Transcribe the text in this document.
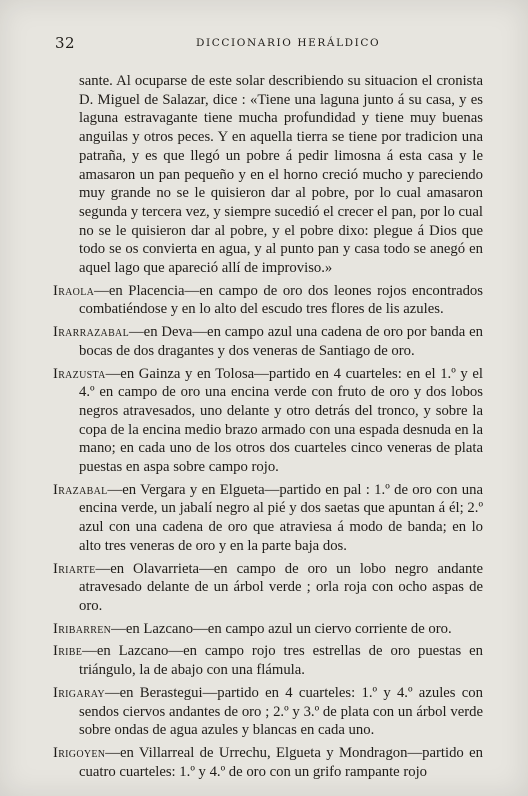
32	DICCIONARIO HERÁLDICO

sante. Al ocuparse de este solar describiendo su situacion el cronista D. Miguel de Salazar, dice : «Tiene una laguna junto á su casa, y es laguna estravagante tiene mucha profundidad y tiene muy buenas anguilas y otros peces. Y en aquella tierra se tiene por tradicion una patraña, y es que llegó un pobre á pedir limosna á esta casa y le amasaron un pan pequeño y en el horno creció mucho y pareciendo muy grande no se le quisieron dar al pobre, por lo cual amasaron segunda y tercera vez, y siempre sucedió el crecer el pan, por lo cual no se le quisieron dar al pobre, y el pobre dixo: plegue á Dios que todo se os convierta en agua, y al punto pan y casa todo se anegó en aquel lago que apareció allí de improviso.»

Iraola—en Placencia—en campo de oro dos leones rojos encontrados combatiéndose y en lo alto del escudo tres flores de lis azules.

Irarrazabal—en Deva—en campo azul una cadena de oro por banda en bocas de dos dragantes y dos veneras de Santiago de oro.

Irazusta—en Gainza y en Tolosa—partido en 4 cuarteles: en el 1.º y el 4.º en campo de oro una encina verde con fruto de oro y dos lobos negros atravesados, uno delante y otro detrás del tronco, y sobre la copa de la encina medio brazo armado con una espada desnuda en la mano; en cada uno de los otros dos cuarteles cinco veneras de plata puestas en aspa sobre campo rojo.

Irazabal—en Vergara y en Elgueta—partido en pal : 1.º de oro con una encina verde, un jabalí negro al pié y dos saetas que apuntan á él; 2.º azul con una cadena de oro que atraviesa á modo de banda; en lo alto tres veneras de oro y en la parte baja dos.

Iriarte—en Olavarrieta—en campo de oro un lobo negro andante atravesado delante de un árbol verde ; orla roja con ocho aspas de oro.

Iribarren—en Lazcano—en campo azul un ciervo corriente de oro.

Iribe—en Lazcano—en campo rojo tres estrellas de oro puestas en triángulo, la de abajo con una flámula.

Irigaray—en Berastegui—partido en 4 cuarteles: 1.º y 4.º azules con sendos ciervos andantes de oro ; 2.º y 3.º de plata con un árbol verde sobre ondas de agua azules y blancas en cada uno.

Irigoyen—en Villarreal de Urrechu, Elgueta y Mondragon—partido en cuatro cuarteles: 1.º y 4.º de oro con un grifo rampante rojo
